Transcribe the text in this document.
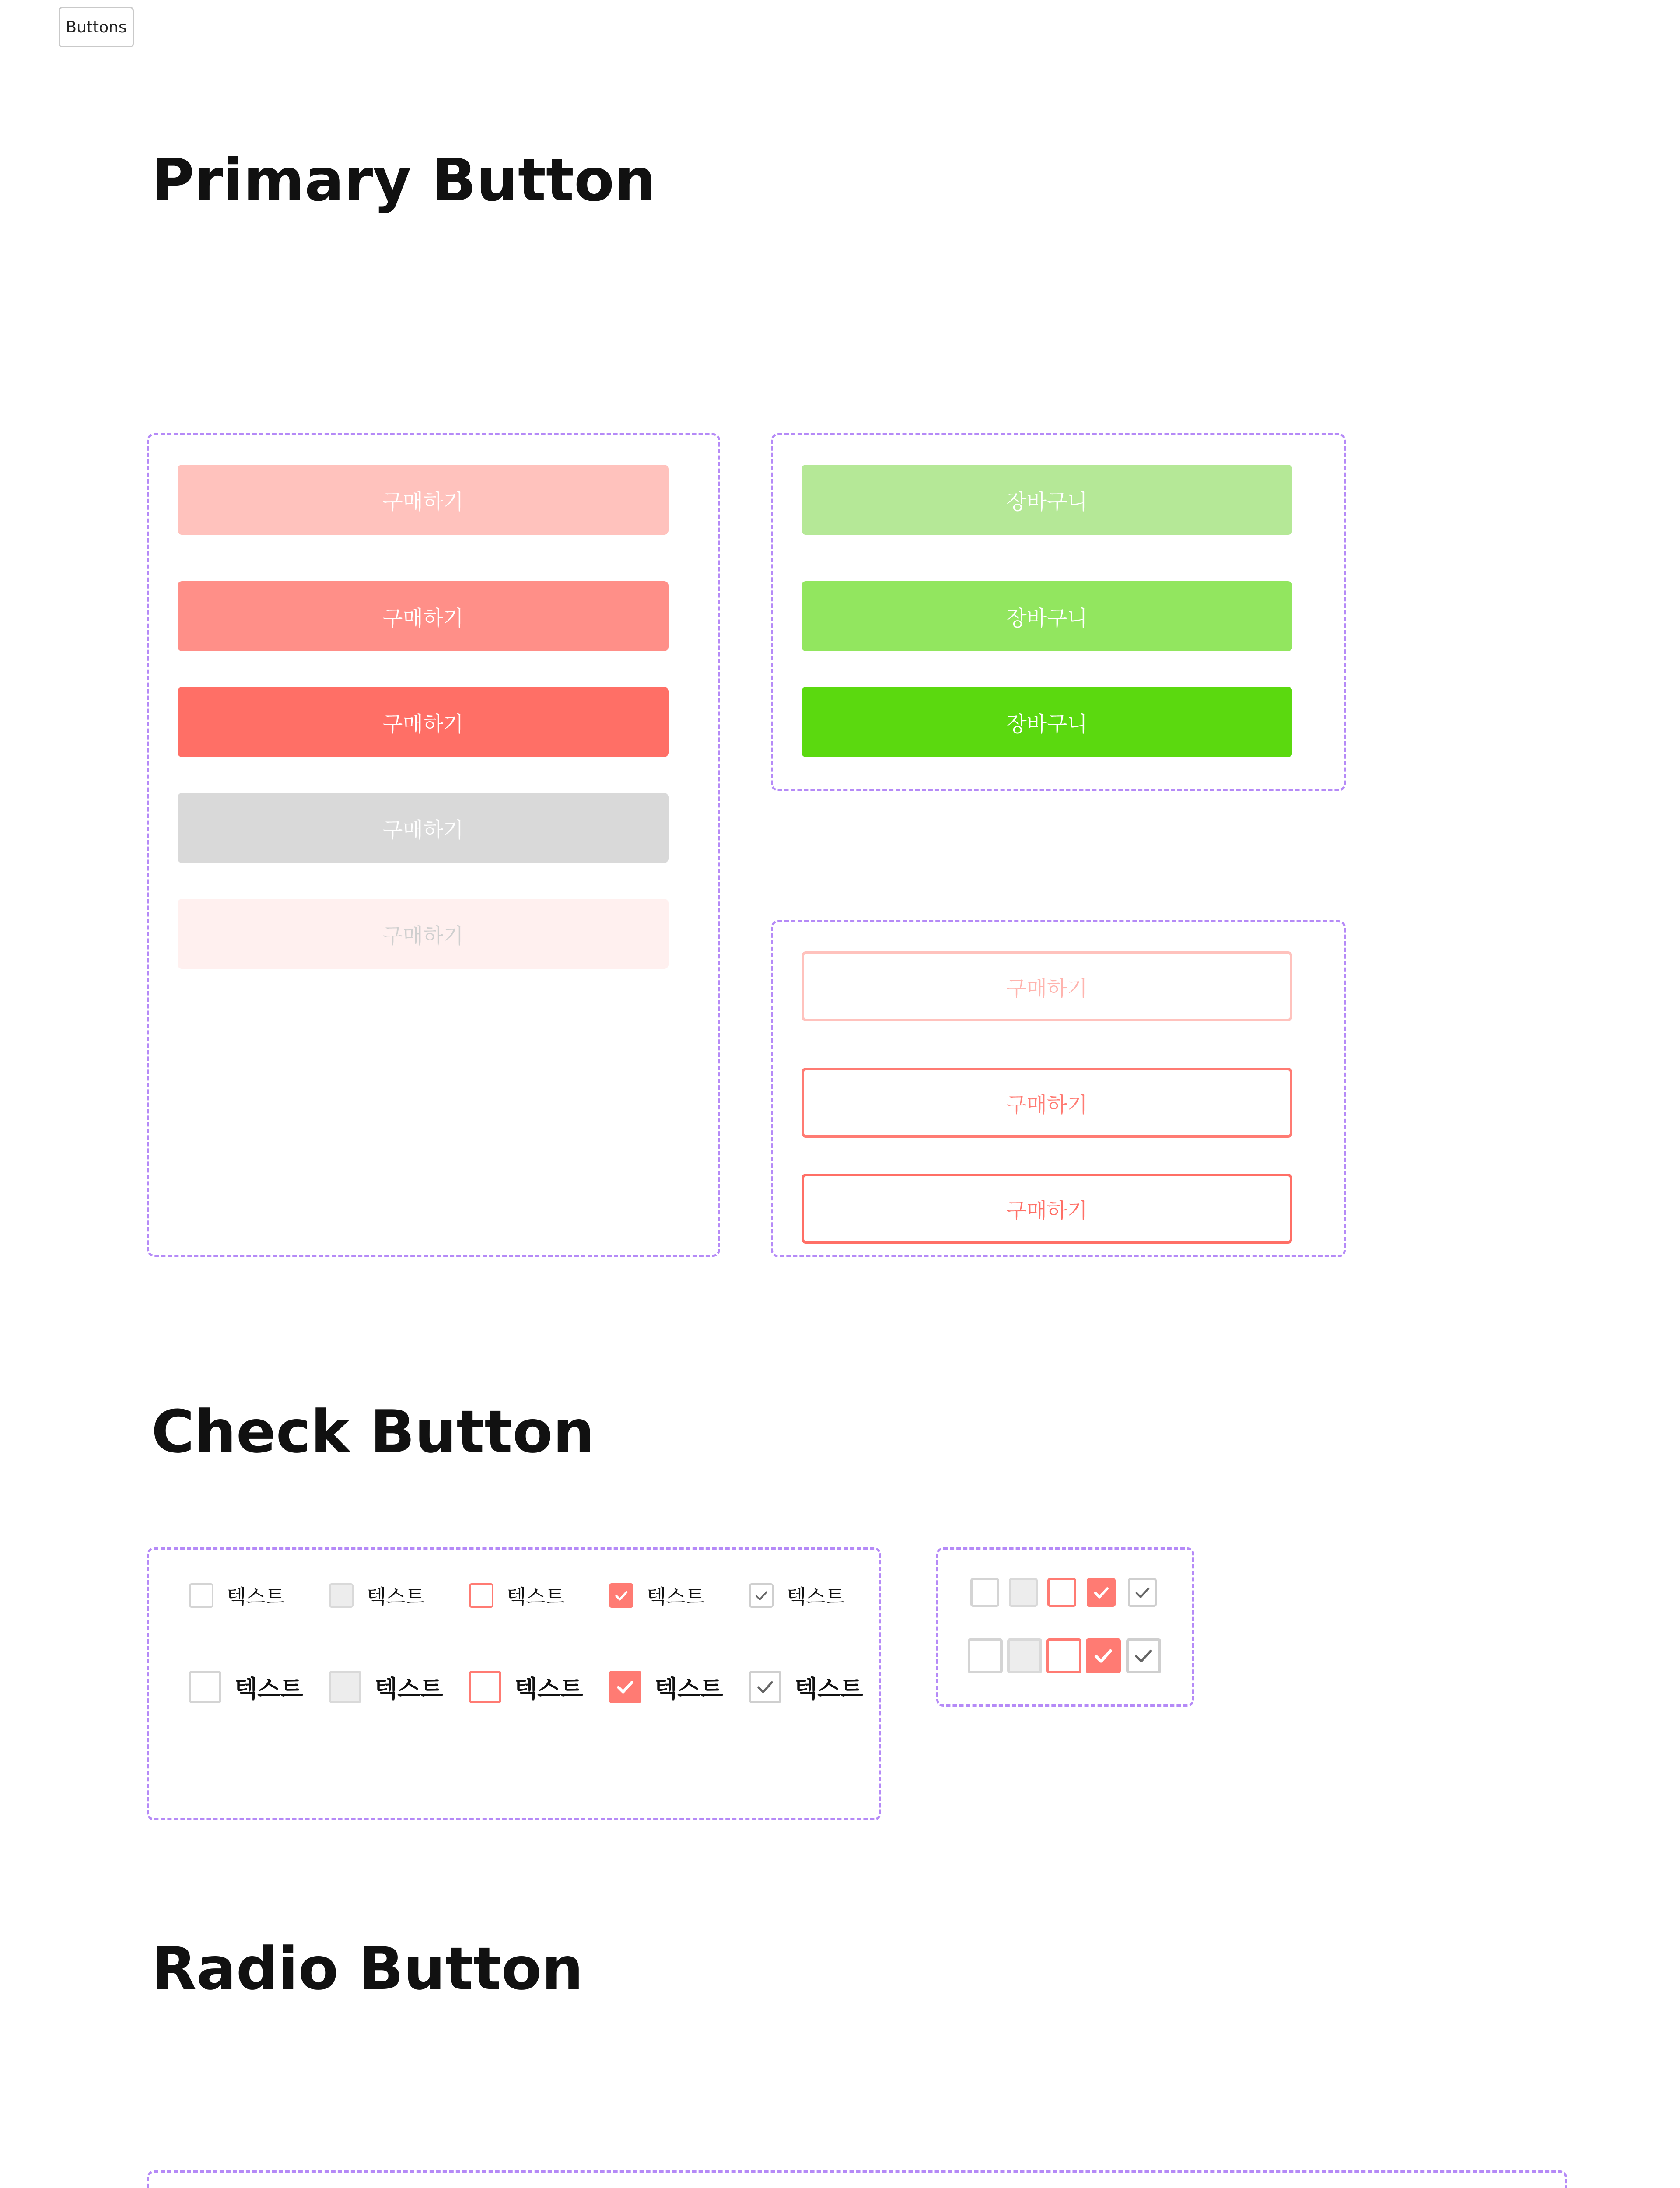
Buttons
Primary Button
Check Button
Radio Button
구매하기
구매하기
구매하기
구매하기
구매하기
장바구니
장바구니
장바구니
구매하기
구매하기
구매하기
텍스트	텍스트	텍스트	텍스트	텍스트
텍스트	텍스트	텍스트	텍스트	텍스트
